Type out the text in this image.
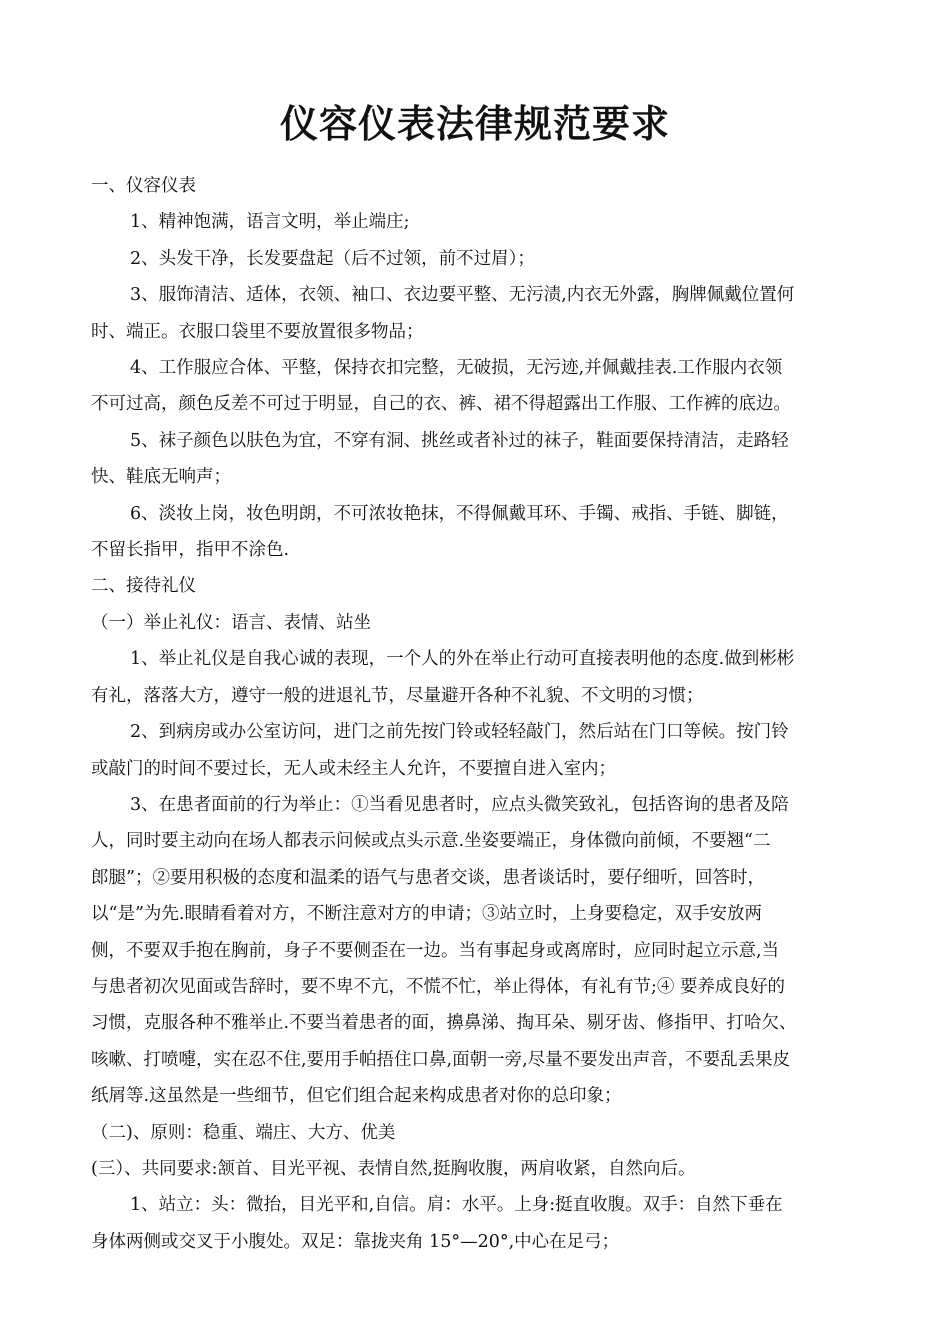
仪容仪表法律规范要求

一、仪容仪表

1、精神饱满，语言文明，举止端庄;

2、头发干净，长发要盘起（后不过领，前不过眉）；

3、服饰清洁、适体，衣领、袖口、衣边要平整、无污渍,内衣无外露，胸牌佩戴位置何
时、端正。衣服口袋里不要放置很多物品；

4、工作服应合体、平整，保持衣扣完整，无破损，无污迹,并佩戴挂表.工作服内衣领
不可过高，颜色反差不可过于明显，自己的衣、裤、裙不得超露出工作服、工作裤的底边。

5、袜子颜色以肤色为宜，不穿有洞、挑丝或者补过的袜子，鞋面要保持清洁，走路轻
快、鞋底无响声；

6、淡妆上岗，妆色明朗，不可浓妆艳抹，不得佩戴耳环、手镯、戒指、手链、脚链，
不留长指甲，指甲不涂色.

二、接待礼仪

（一）举止礼仪：语言、表情、站坐

1、举止礼仪是自我心诚的表现，一个人的外在举止行动可直接表明他的态度.做到彬彬
有礼，落落大方，遵守一般的进退礼节，尽量避开各种不礼貌、不文明的习惯；

2、到病房或办公室访问，进门之前先按门铃或轻轻敲门，然后站在门口等候。按门铃
或敲门的时间不要过长，无人或未经主人允许，不要擅自进入室内；

3、在患者面前的行为举止：①当看见患者时，应点头微笑致礼，包括咨询的患者及陪
人，同时要主动向在场人都表示问候或点头示意.坐姿要端正，身体微向前倾，不要翘“二
郎腿”；②要用积极的态度和温柔的语气与患者交谈，患者谈话时，要仔细听，回答时，
以“是”为先.眼睛看着对方，不断注意对方的申请；③站立时，上身要稳定，双手安放两
侧，不要双手抱在胸前，身子不要侧歪在一边。当有事起身或离席时，应同时起立示意,当
与患者初次见面或告辞时，要不卑不亢，不慌不忙，举止得体，有礼有节;④ 要养成良好的
习惯，克服各种不雅举止.不要当着患者的面，擤鼻涕、掏耳朵、剔牙齿、修指甲、打哈欠、
咳嗽、打喷嚏，实在忍不住,要用手帕捂住口鼻,面朝一旁,尽量不要发出声音，不要乱丢果皮
纸屑等.这虽然是一些细节，但它们组合起来构成患者对你的总印象；

（二)、原则：稳重、端庄、大方、优美

(三）、共同要求:颔首、目光平视、表情自然,挺胸收腹，两肩收紧，自然向后。

1、站立：头：微抬，目光平和,自信。肩：水平。上身:挺直收腹。双手：自然下垂在
身体两侧或交叉于小腹处。双足：靠拢夹角 15°—20°,中心在足弓；
